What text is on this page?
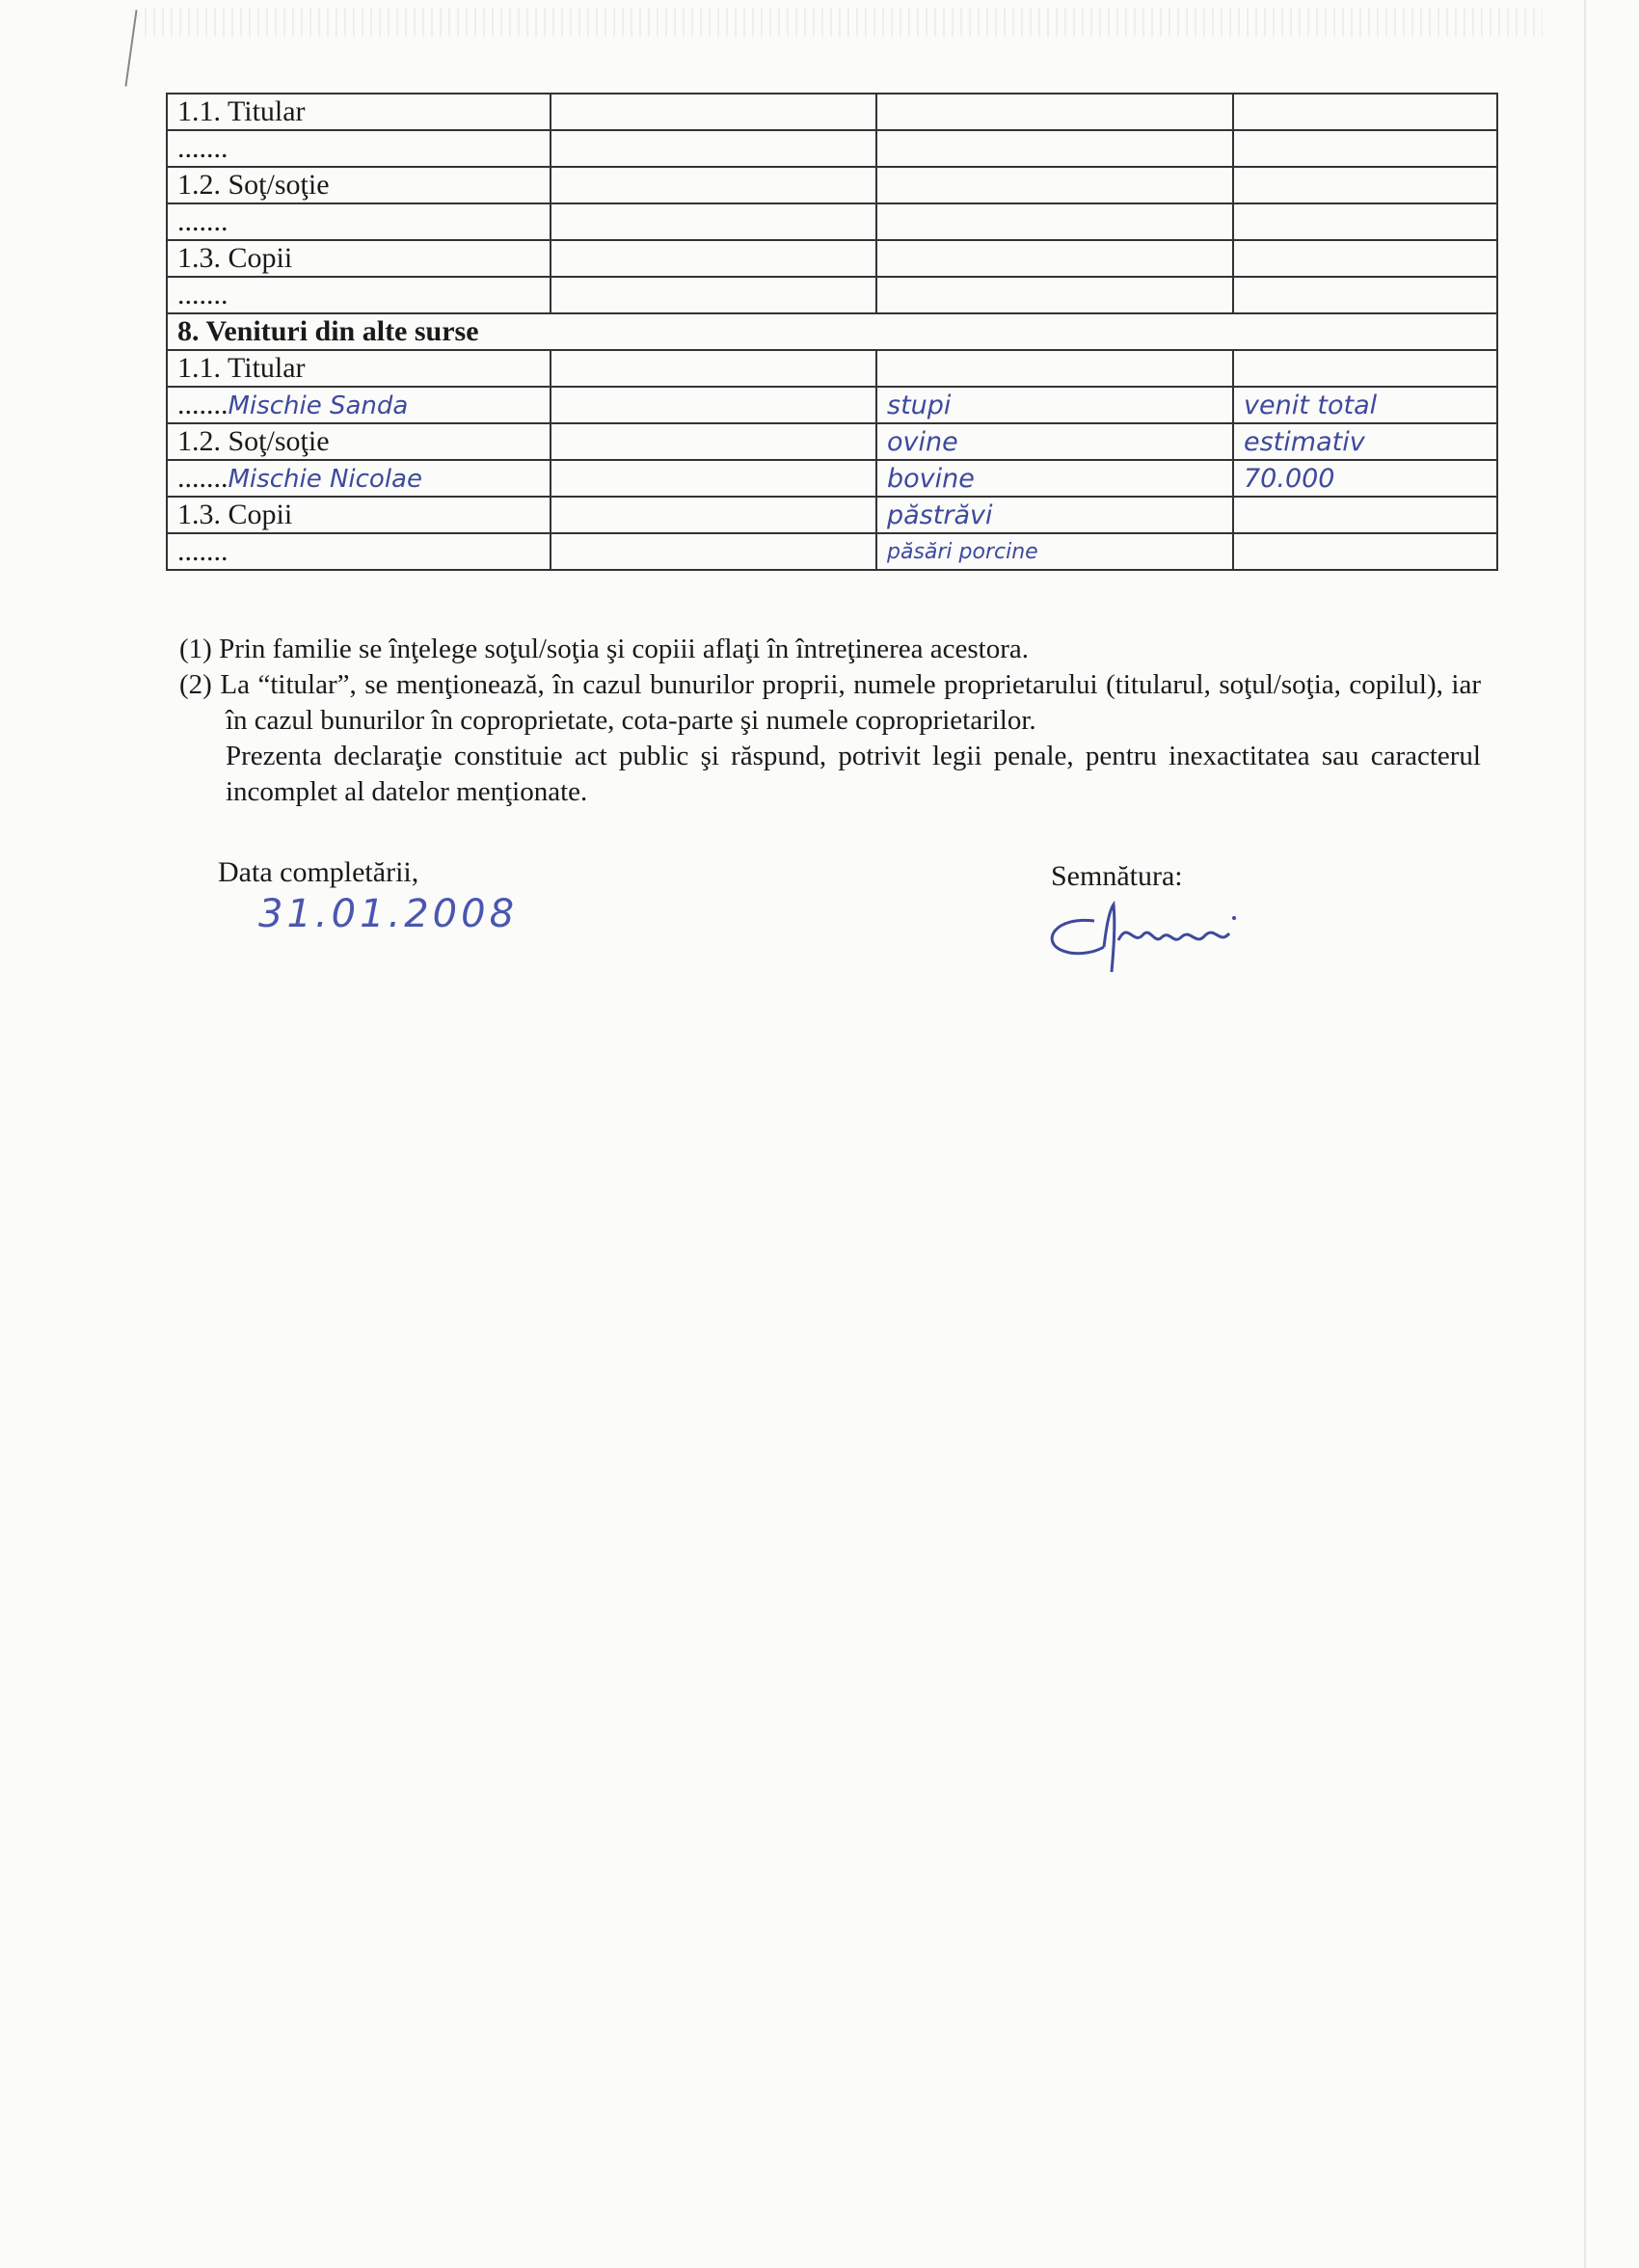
1.1. Titular			
.......			
1.2. Soţ/soţie			
.......			
1.3. Copii			
.......			
8. Venituri din alte surse			
1.1. Titular			
.......Mischie Sanda		stupi	venit total
1.2. Soţ/soţie		ovine	estimativ
.......Mischie Nicolae		bovine	70.000
1.3. Copii		păstrăvi	
.......		păsări porcine	

(1) Prin familie se înţelege soţul/soţia şi copiii aflaţi în întreţinerea acestora.

(2) La “titular”, se menţionează, în cazul bunurilor proprii, numele proprietarului (titularul, soţul/soţia, copilul), iar în cazul bunurilor în coproprietate, cota-parte şi numele coproprietarilor.

Prezenta declaraţie constituie act public şi răspund, potrivit legii penale, pentru inexactitatea sau caracterul incomplet al datelor menţionate.

Data completării,
31.01.2008
Semnătura:
